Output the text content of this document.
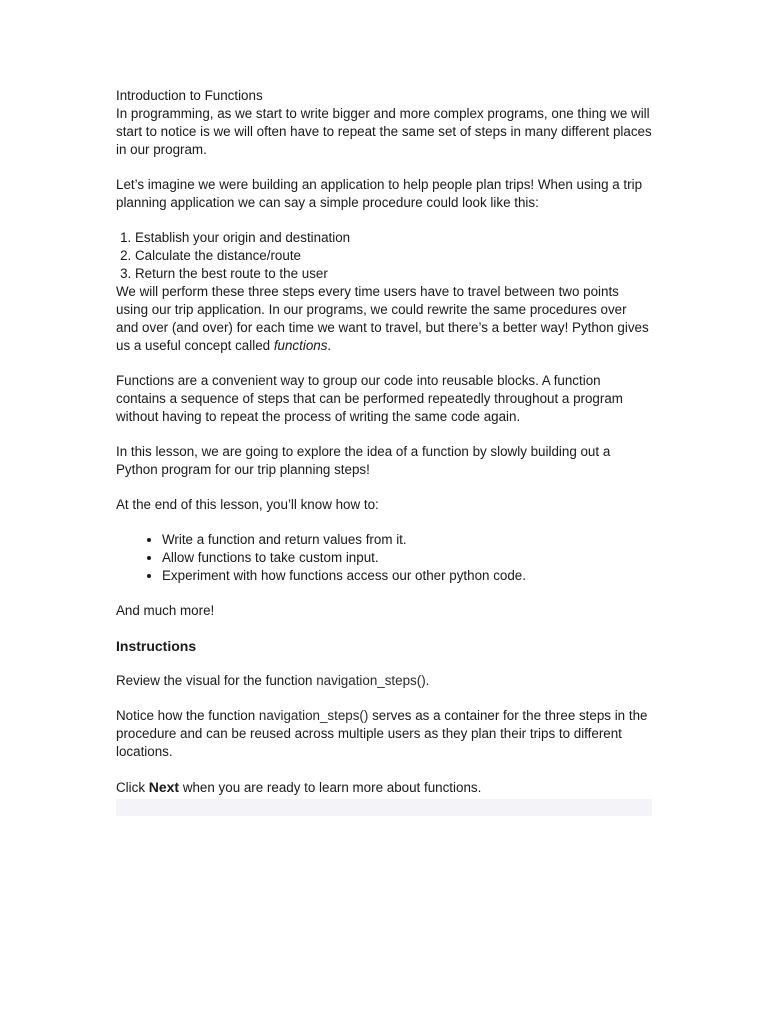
Introduction to Functions

In programming, as we start to write bigger and more complex programs, one thing we will start to notice is we will often have to repeat the same set of steps in many different places in our program.

Let’s imagine we were building an application to help people plan trips! When using a trip planning application we can say a simple procedure could look like this:

1. Establish your origin and destination
2. Calculate the distance/route
3. Return the best route to the user

We will perform these three steps every time users have to travel between two points using our trip application. In our programs, we could rewrite the same procedures over and over (and over) for each time we want to travel, but there’s a better way! Python gives us a useful concept called functions.

Functions are a convenient way to group our code into reusable blocks. A function contains a sequence of steps that can be performed repeatedly throughout a program without having to repeat the process of writing the same code again.

In this lesson, we are going to explore the idea of a function by slowly building out a Python program for our trip planning steps!

At the end of this lesson, you’ll know how to:

• Write a function and return values from it.
• Allow functions to take custom input.
• Experiment with how functions access our other python code.

And much more!

Instructions

Review the visual for the function navigation_steps().

Notice how the function navigation_steps() serves as a container for the three steps in the procedure and can be reused across multiple users as they plan their trips to different locations.

Click Next when you are ready to learn more about functions.
